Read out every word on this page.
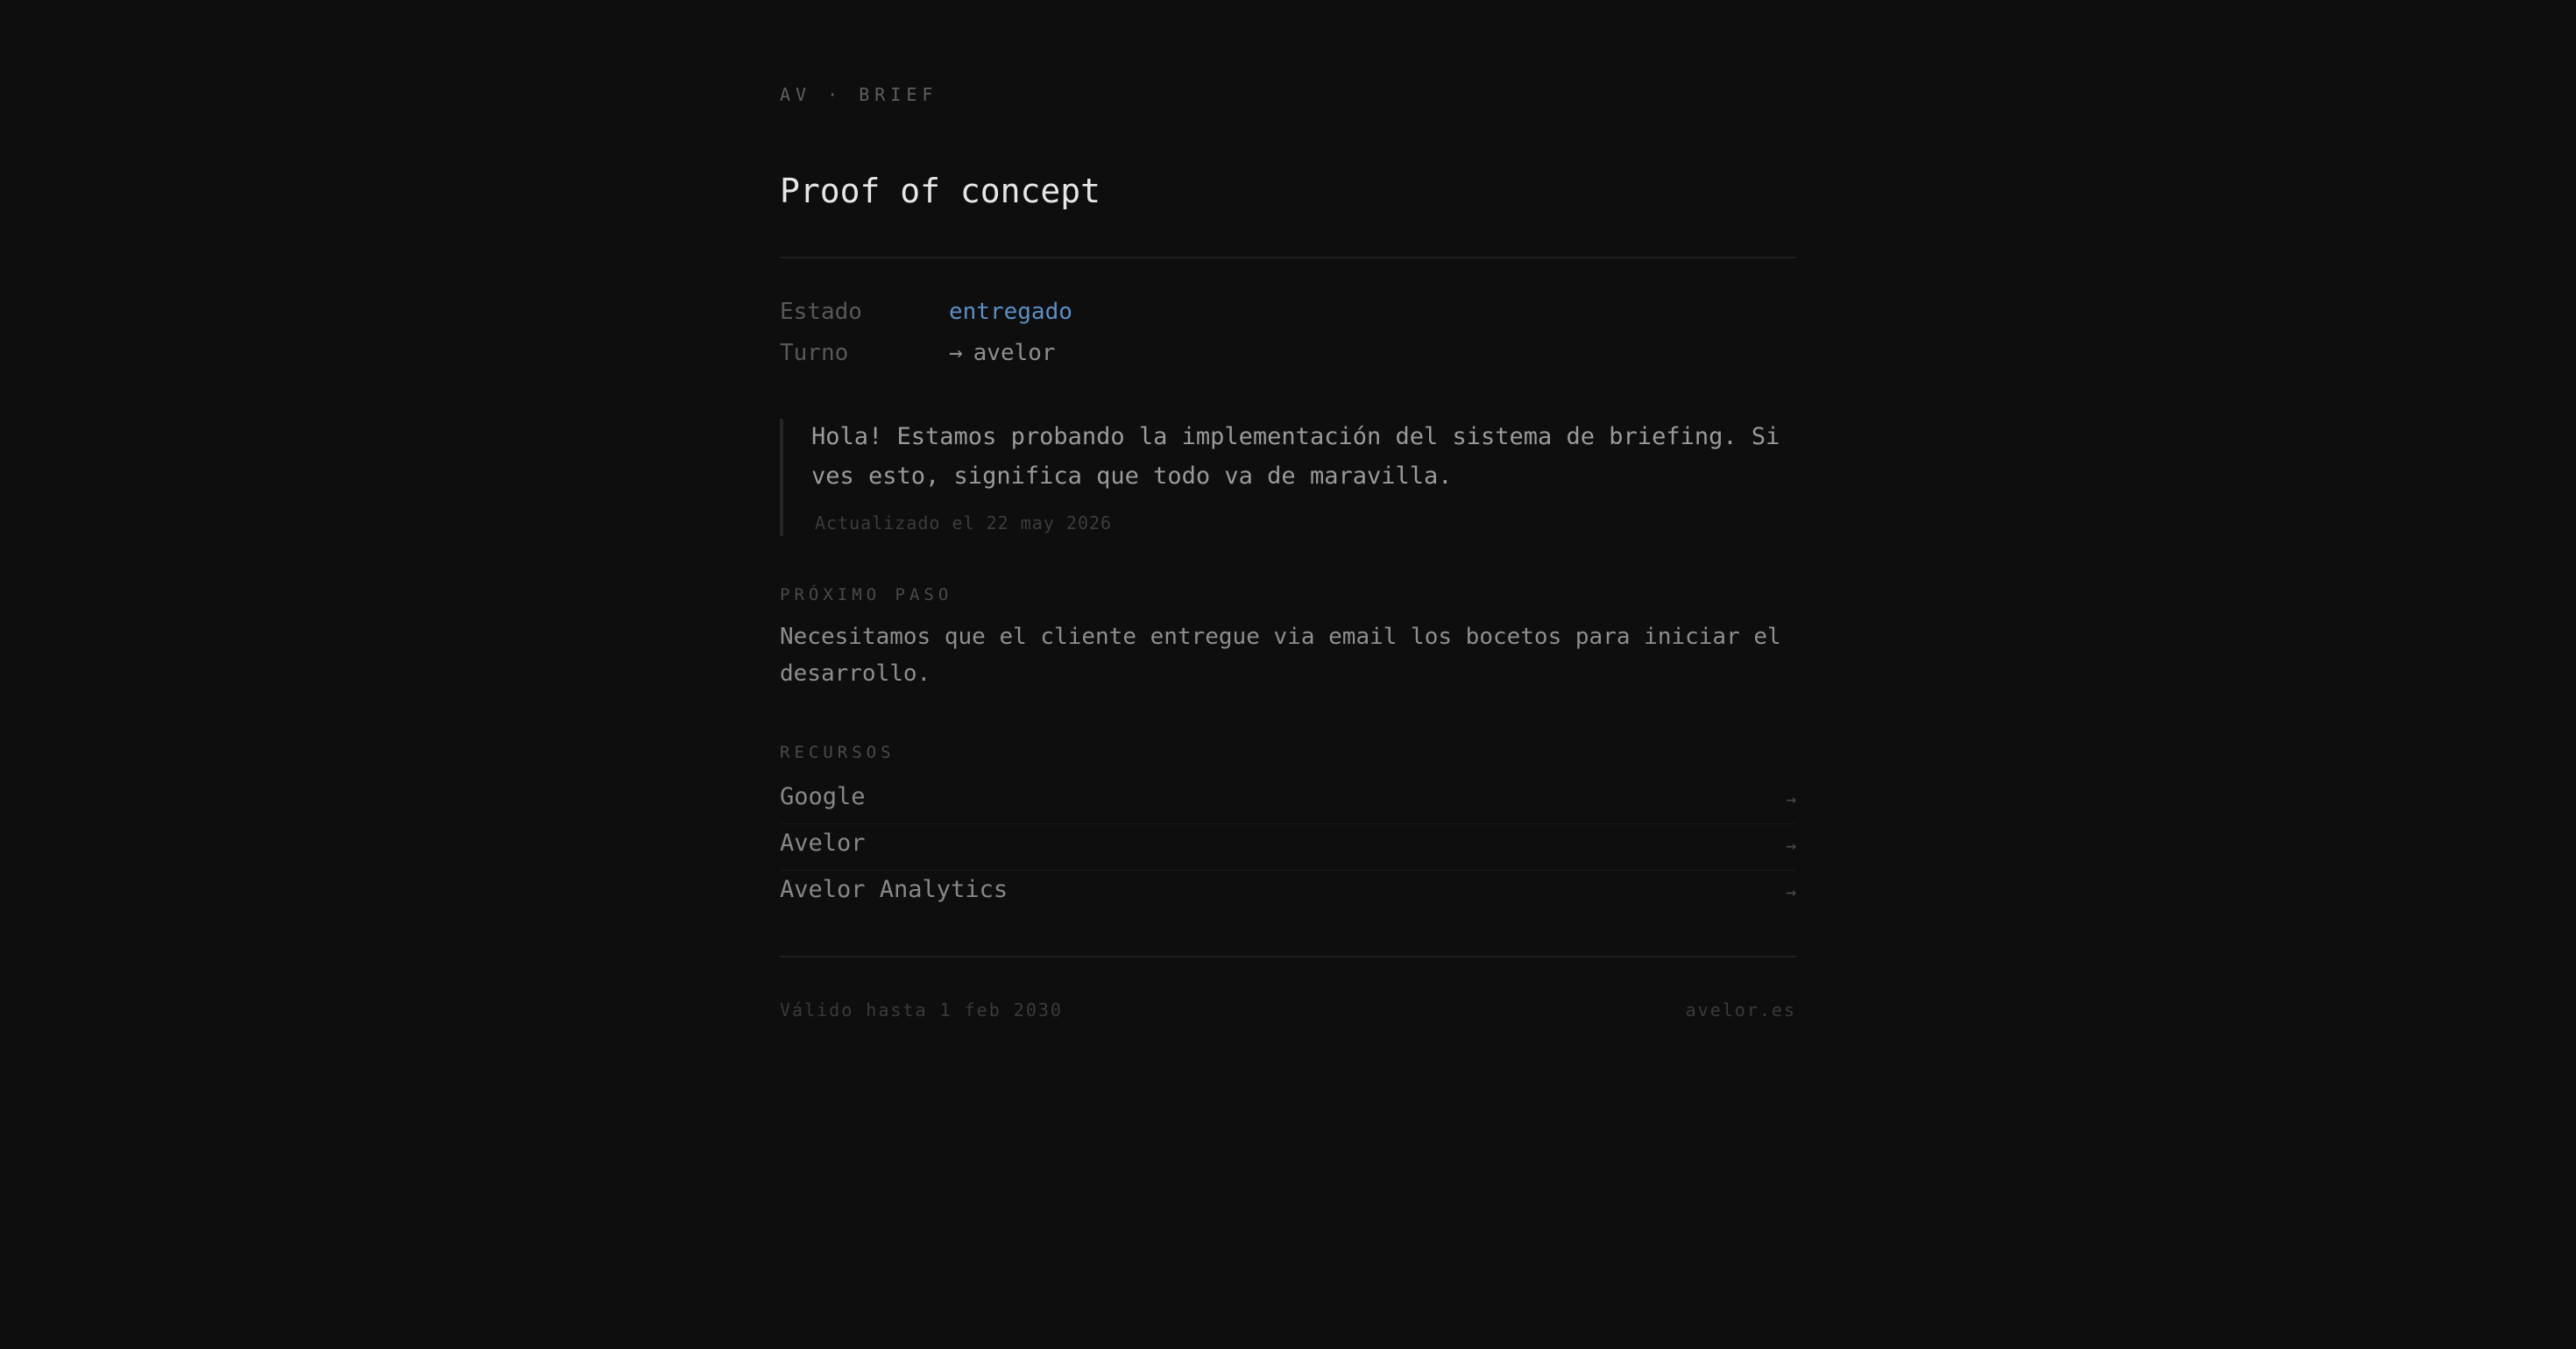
AV · BRIEF
Proof of concept
Estado	entregado
Turno	→ avelor
Hola! Estamos probando la implementación del sistema de briefing. Si ves esto, significa que todo va de maravilla.
Actualizado el 22 may 2026
PRÓXIMO PASO
Necesitamos que el cliente entregue via email los bocetos para iniciar el desarrollo.
RECURSOS
Google	→
Avelor	→
Avelor Analytics	→
Válido hasta 1 feb 2030	avelor.es
